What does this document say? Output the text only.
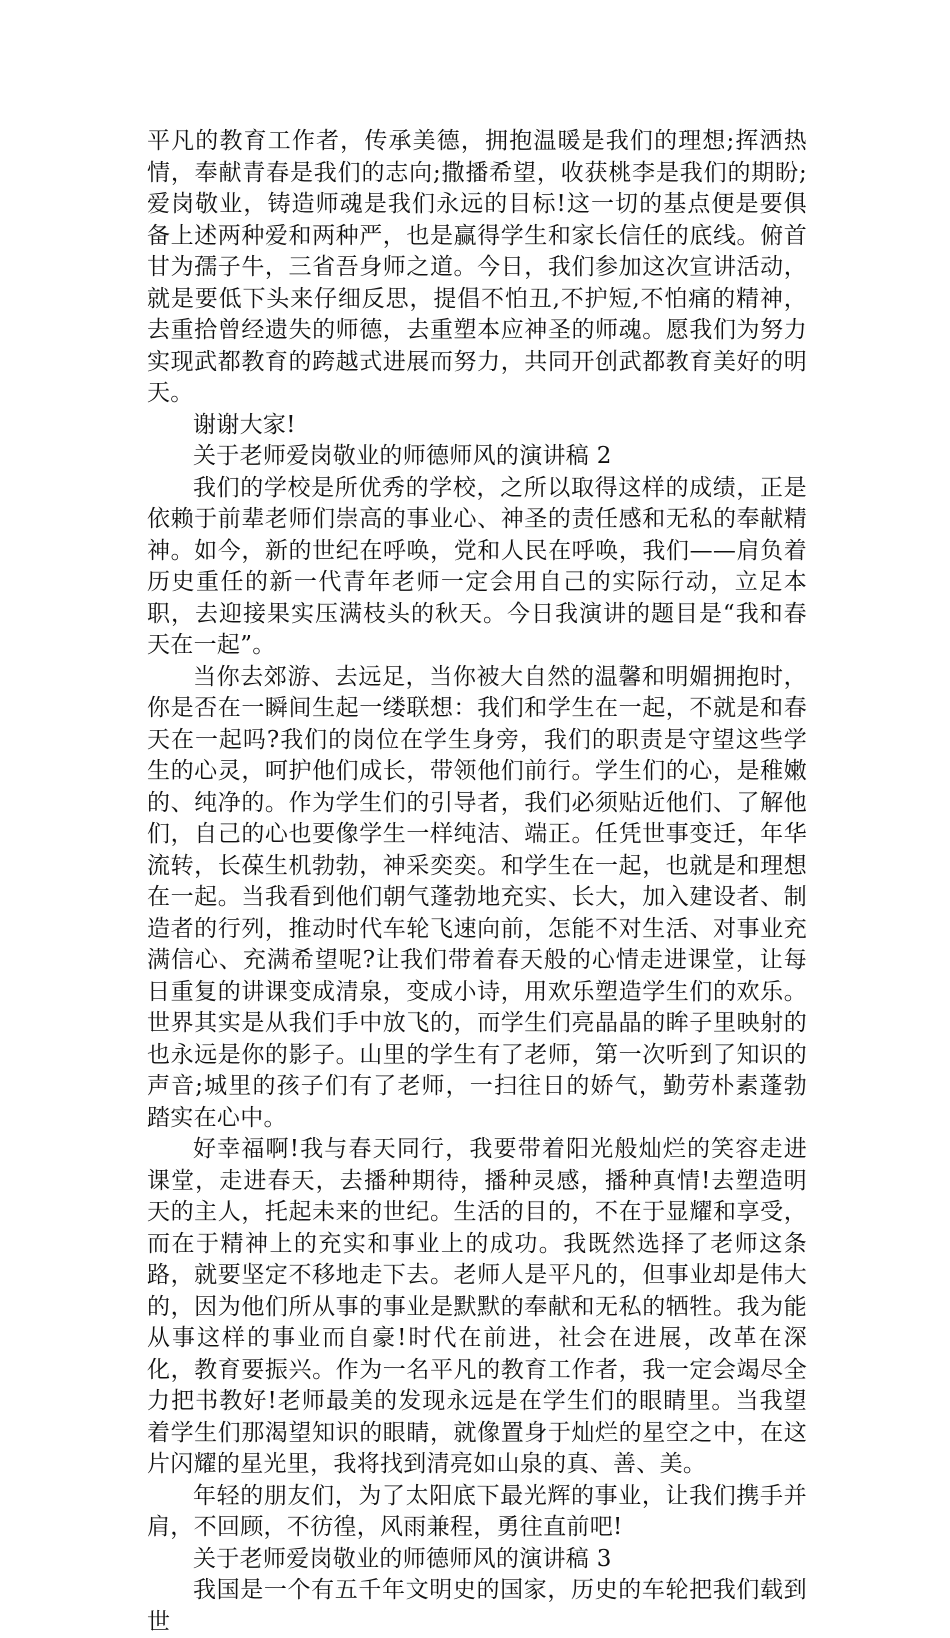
平凡的教育工作者，传承美德，拥抱温暖是我们的理想;挥洒热情，奉献青春是我们的志向;撒播希望，收获桃李是我们的期盼;爱岗敬业，铸造师魂是我们永远的目标!这一切的基点便是要俱备上述两种爱和两种严，也是赢得学生和家长信任的底线。俯首甘为孺子牛，三省吾身师之道。今日，我们参加这次宣讲活动，就是要低下头来仔细反思，提倡不怕丑,不护短,不怕痛的精神，去重拾曾经遗失的师德，去重塑本应神圣的师魂。愿我们为努力实现武都教育的跨越式进展而努力，共同开创武都教育美好的明天。

谢谢大家!

关于老师爱岗敬业的师德师风的演讲稿 2

我们的学校是所优秀的学校，之所以取得这样的成绩，正是依赖于前辈老师们崇高的事业心、神圣的责任感和无私的奉献精神。如今，新的世纪在呼唤，党和人民在呼唤，我们——肩负着历史重任的新一代青年老师一定会用自己的实际行动，立足本职，去迎接果实压满枝头的秋天。今日我演讲的题目是“我和春天在一起”。

当你去郊游、去远足，当你被大自然的温馨和明媚拥抱时，你是否在一瞬间生起一缕联想：我们和学生在一起，不就是和春天在一起吗?我们的岗位在学生身旁，我们的职责是守望这些学生的心灵，呵护他们成长，带领他们前行。学生们的心，是稚嫩的、纯净的。作为学生们的引导者，我们必须贴近他们、了解他们，自己的心也要像学生一样纯洁、端正。任凭世事变迁，年华流转，长葆生机勃勃，神采奕奕。和学生在一起，也就是和理想在一起。当我看到他们朝气蓬勃地充实、长大，加入建设者、制造者的行列，推动时代车轮飞速向前，怎能不对生活、对事业充满信心、充满希望呢?让我们带着春天般的心情走进课堂，让每日重复的讲课变成清泉，变成小诗，用欢乐塑造学生们的欢乐。世界其实是从我们手中放飞的，而学生们亮晶晶的眸子里映射的也永远是你的影子。山里的学生有了老师，第一次听到了知识的声音;城里的孩子们有了老师，一扫往日的娇气，勤劳朴素蓬勃踏实在心中。

好幸福啊!我与春天同行，我要带着阳光般灿烂的笑容走进课堂，走进春天，去播种期待，播种灵感，播种真情!去塑造明天的主人，托起未来的世纪。生活的目的，不在于显耀和享受，而在于精神上的充实和事业上的成功。我既然选择了老师这条路，就要坚定不移地走下去。老师人是平凡的，但事业却是伟大的，因为他们所从事的事业是默默的奉献和无私的牺牲。我为能从事这样的事业而自豪!时代在前进，社会在进展，改革在深化，教育要振兴。作为一名平凡的教育工作者，我一定会竭尽全力把书教好!老师最美的发现永远是在学生们的眼睛里。当我望着学生们那渴望知识的眼睛，就像置身于灿烂的星空之中，在这片闪耀的星光里，我将找到清亮如山泉的真、善、美。

年轻的朋友们，为了太阳底下最光辉的事业，让我们携手并肩，不回顾，不彷徨，风雨兼程，勇往直前吧!

关于老师爱岗敬业的师德师风的演讲稿 3

我国是一个有五千年文明史的国家，历史的车轮把我们载到世
